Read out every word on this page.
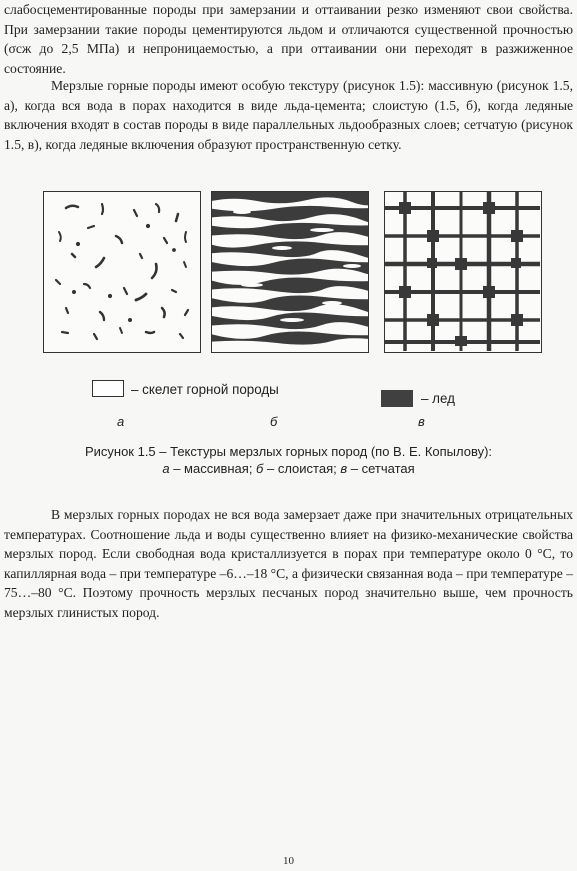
слабосцементированные породы при замерзании и оттаивании резко изменяют свои свойства. При замерзании такие породы цементируются льдом и отличаются существенной прочностью (σсж до 2,5 МПа) и непроницаемостью, а при оттаивании они переходят в разжиженное состояние.

Мерзлые горные породы имеют особую текстуру (рисунок 1.5): массивную (рисунок 1.5, а), когда вся вода в порах находится в виде льда-цемента; слоистую (1.5, б), когда ледяные включения входят в состав породы в виде параллельных льдообразных слоев; сетчатую (рисунок 1.5, в), когда ледяные включения образуют пространственную сетку.

– скелет горной породы
– лед
а	б	в
Рисунок 1.5 – Текстуры мерзлых горных пород (по В. Е. Копылову):
а – массивная; б – слоистая; в – сетчатая

В мерзлых горных породах не вся вода замерзает даже при значительных отрицательных температурах. Соотношение льда и воды существенно влияет на физико-механические свойства мерзлых пород. Если свободная вода кристаллизуется в порах при температуре около 0 °С, то капиллярная вода – при температуре –6…–18 °С, а физически связанная вода – при температуре –75…–80 °С. Поэтому прочность мерзлых песчаных пород значительно выше, чем прочность мерзлых глинистых пород.

10
